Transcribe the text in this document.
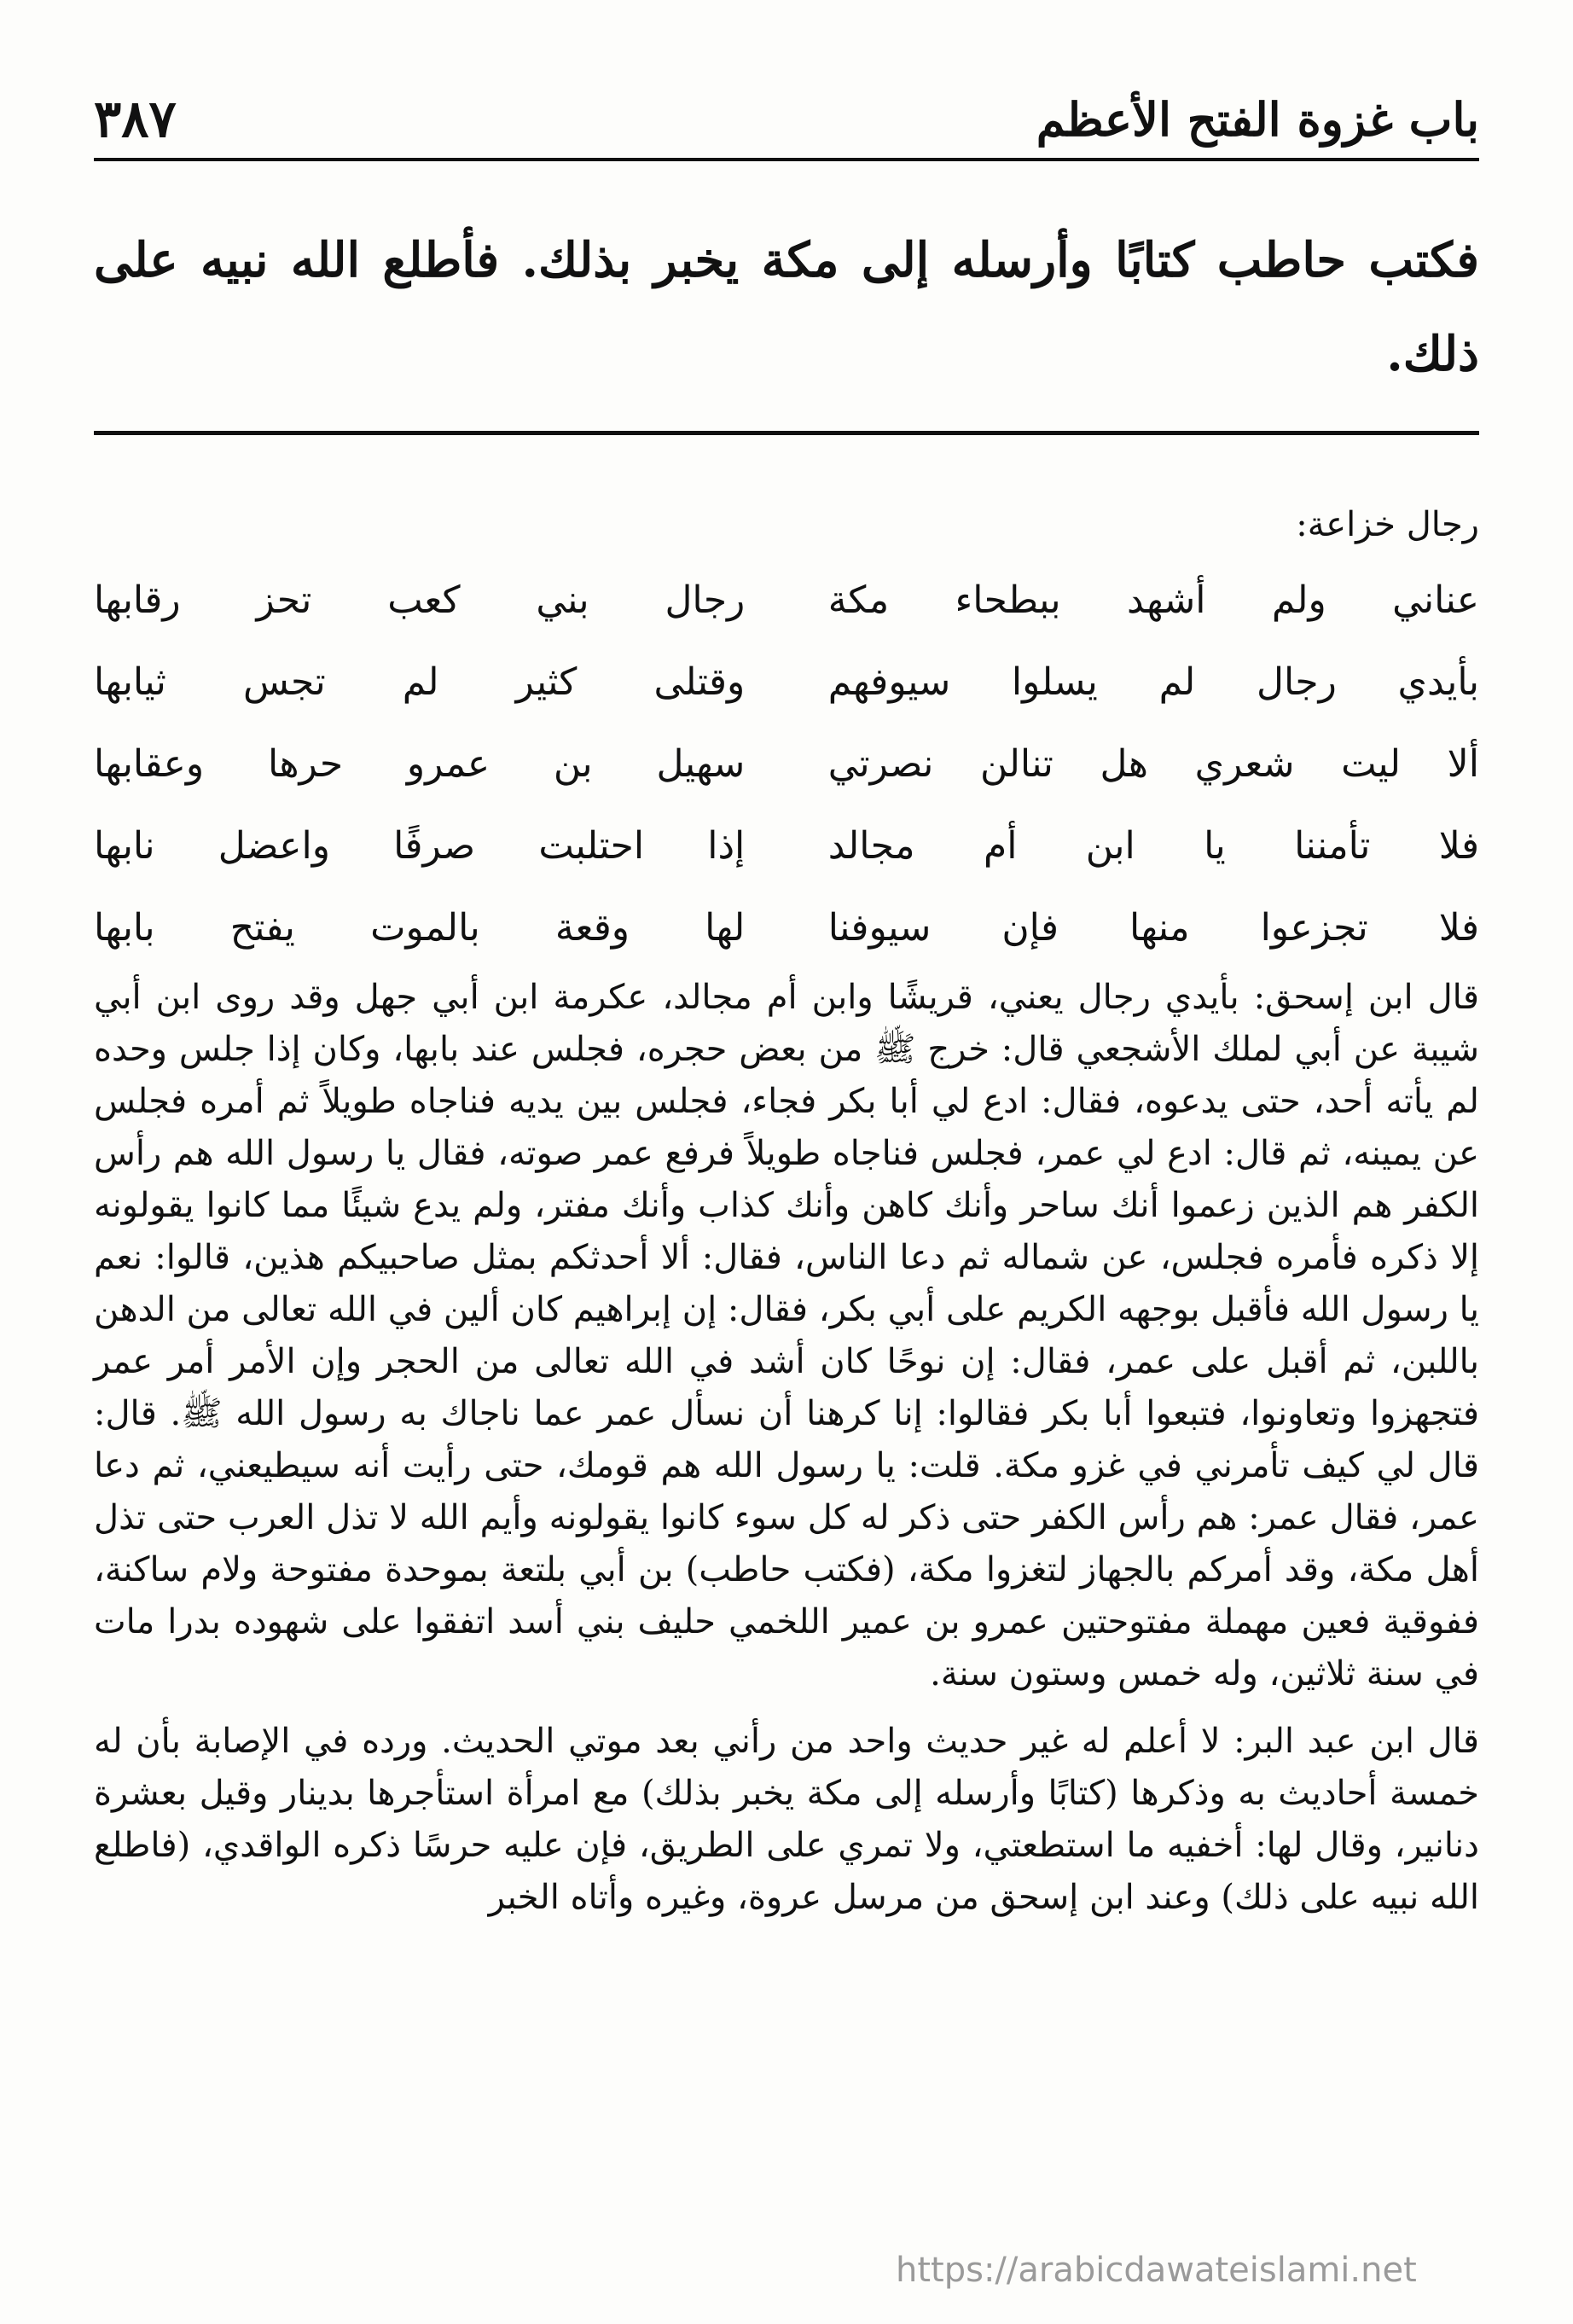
باب غزوة الفتح الأعظم
٣٨٧
فكتب حاطب كتابًا وأرسله إلى مكة يخبر بذلك. فأطلع الله نبيه على ذلك.
رجال خزاعة:
عناني ولم أشهد ببطحاء مكة
رجال بني كعب تحز رقابها
بأيدي رجال لم يسلوا سيوفهم
وقتلى كثير لم تجس ثيابها
ألا ليت شعري هل تنالن نصرتي
سهيل بن عمرو حرها وعقابها
فلا تأمننا يا ابن أم مجالد
إذا احتلبت صرفًا واعضل نابها
فلا تجزعوا منها فإن سيوفنا
لها وقعة بالموت يفتح بابها

قال ابن إسحق: بأيدي رجال يعني، قريشًا وابن أم مجالد، عكرمة ابن أبي جهل وقد روى ابن أبي شيبة عن أبي لملك الأشجعي قال: خرج ﷺ من بعض حجره، فجلس عند بابها، وكان إذا جلس وحده لم يأته أحد، حتى يدعوه، فقال: ادع لي أبا بكر فجاء، فجلس بين يديه فناجاه طويلاً ثم أمره فجلس عن يمينه، ثم قال: ادع لي عمر، فجلس فناجاه طويلاً فرفع عمر صوته، فقال يا رسول الله هم رأس الكفر هم الذين زعموا أنك ساحر وأنك كاهن وأنك كذاب وأنك مفتر، ولم يدع شيئًا مما كانوا يقولونه إلا ذكره فأمره فجلس، عن شماله ثم دعا الناس، فقال: ألا أحدثكم بمثل صاحبيكم هذين، قالوا: نعم يا رسول الله فأقبل بوجهه الكريم على أبي بكر، فقال: إن إبراهيم كان ألين في الله تعالى من الدهن باللبن، ثم أقبل على عمر، فقال: إن نوحًا كان أشد في الله تعالى من الحجر وإن الأمر أمر عمر فتجهزوا وتعاونوا، فتبعوا أبا بكر فقالوا: إنا كرهنا أن نسأل عمر عما ناجاك به رسول الله ﷺ. قال: قال لي كيف تأمرني في غزو مكة. قلت: يا رسول الله هم قومك، حتى رأيت أنه سيطيعني، ثم دعا عمر، فقال عمر: هم رأس الكفر حتى ذكر له كل سوء كانوا يقولونه وأيم الله لا تذل العرب حتى تذل أهل مكة، وقد أمركم بالجهاز لتغزوا مكة، (فكتب حاطب) بن أبي بلتعة بموحدة مفتوحة ولام ساكنة، ففوقية فعين مهملة مفتوحتين عمرو بن عمير اللخمي حليف بني أسد اتفقوا على شهوده بدرا مات في سنة ثلاثين، وله خمس وستون سنة.

قال ابن عبد البر: لا أعلم له غير حديث واحد من رأني بعد موتي الحديث. ورده في الإصابة بأن له خمسة أحاديث به وذكرها (كتابًا وأرسله إلى مكة يخبر بذلك) مع امرأة استأجرها بدينار وقيل بعشرة دنانير، وقال لها: أخفيه ما استطعتي، ولا تمري على الطريق، فإن عليه حرسًا ذكره الواقدي، (فاطلع الله نبيه على ذلك) وعند ابن إسحق من مرسل عروة، وغيره وأتاه الخبر

https://arabicdawateislami.net
